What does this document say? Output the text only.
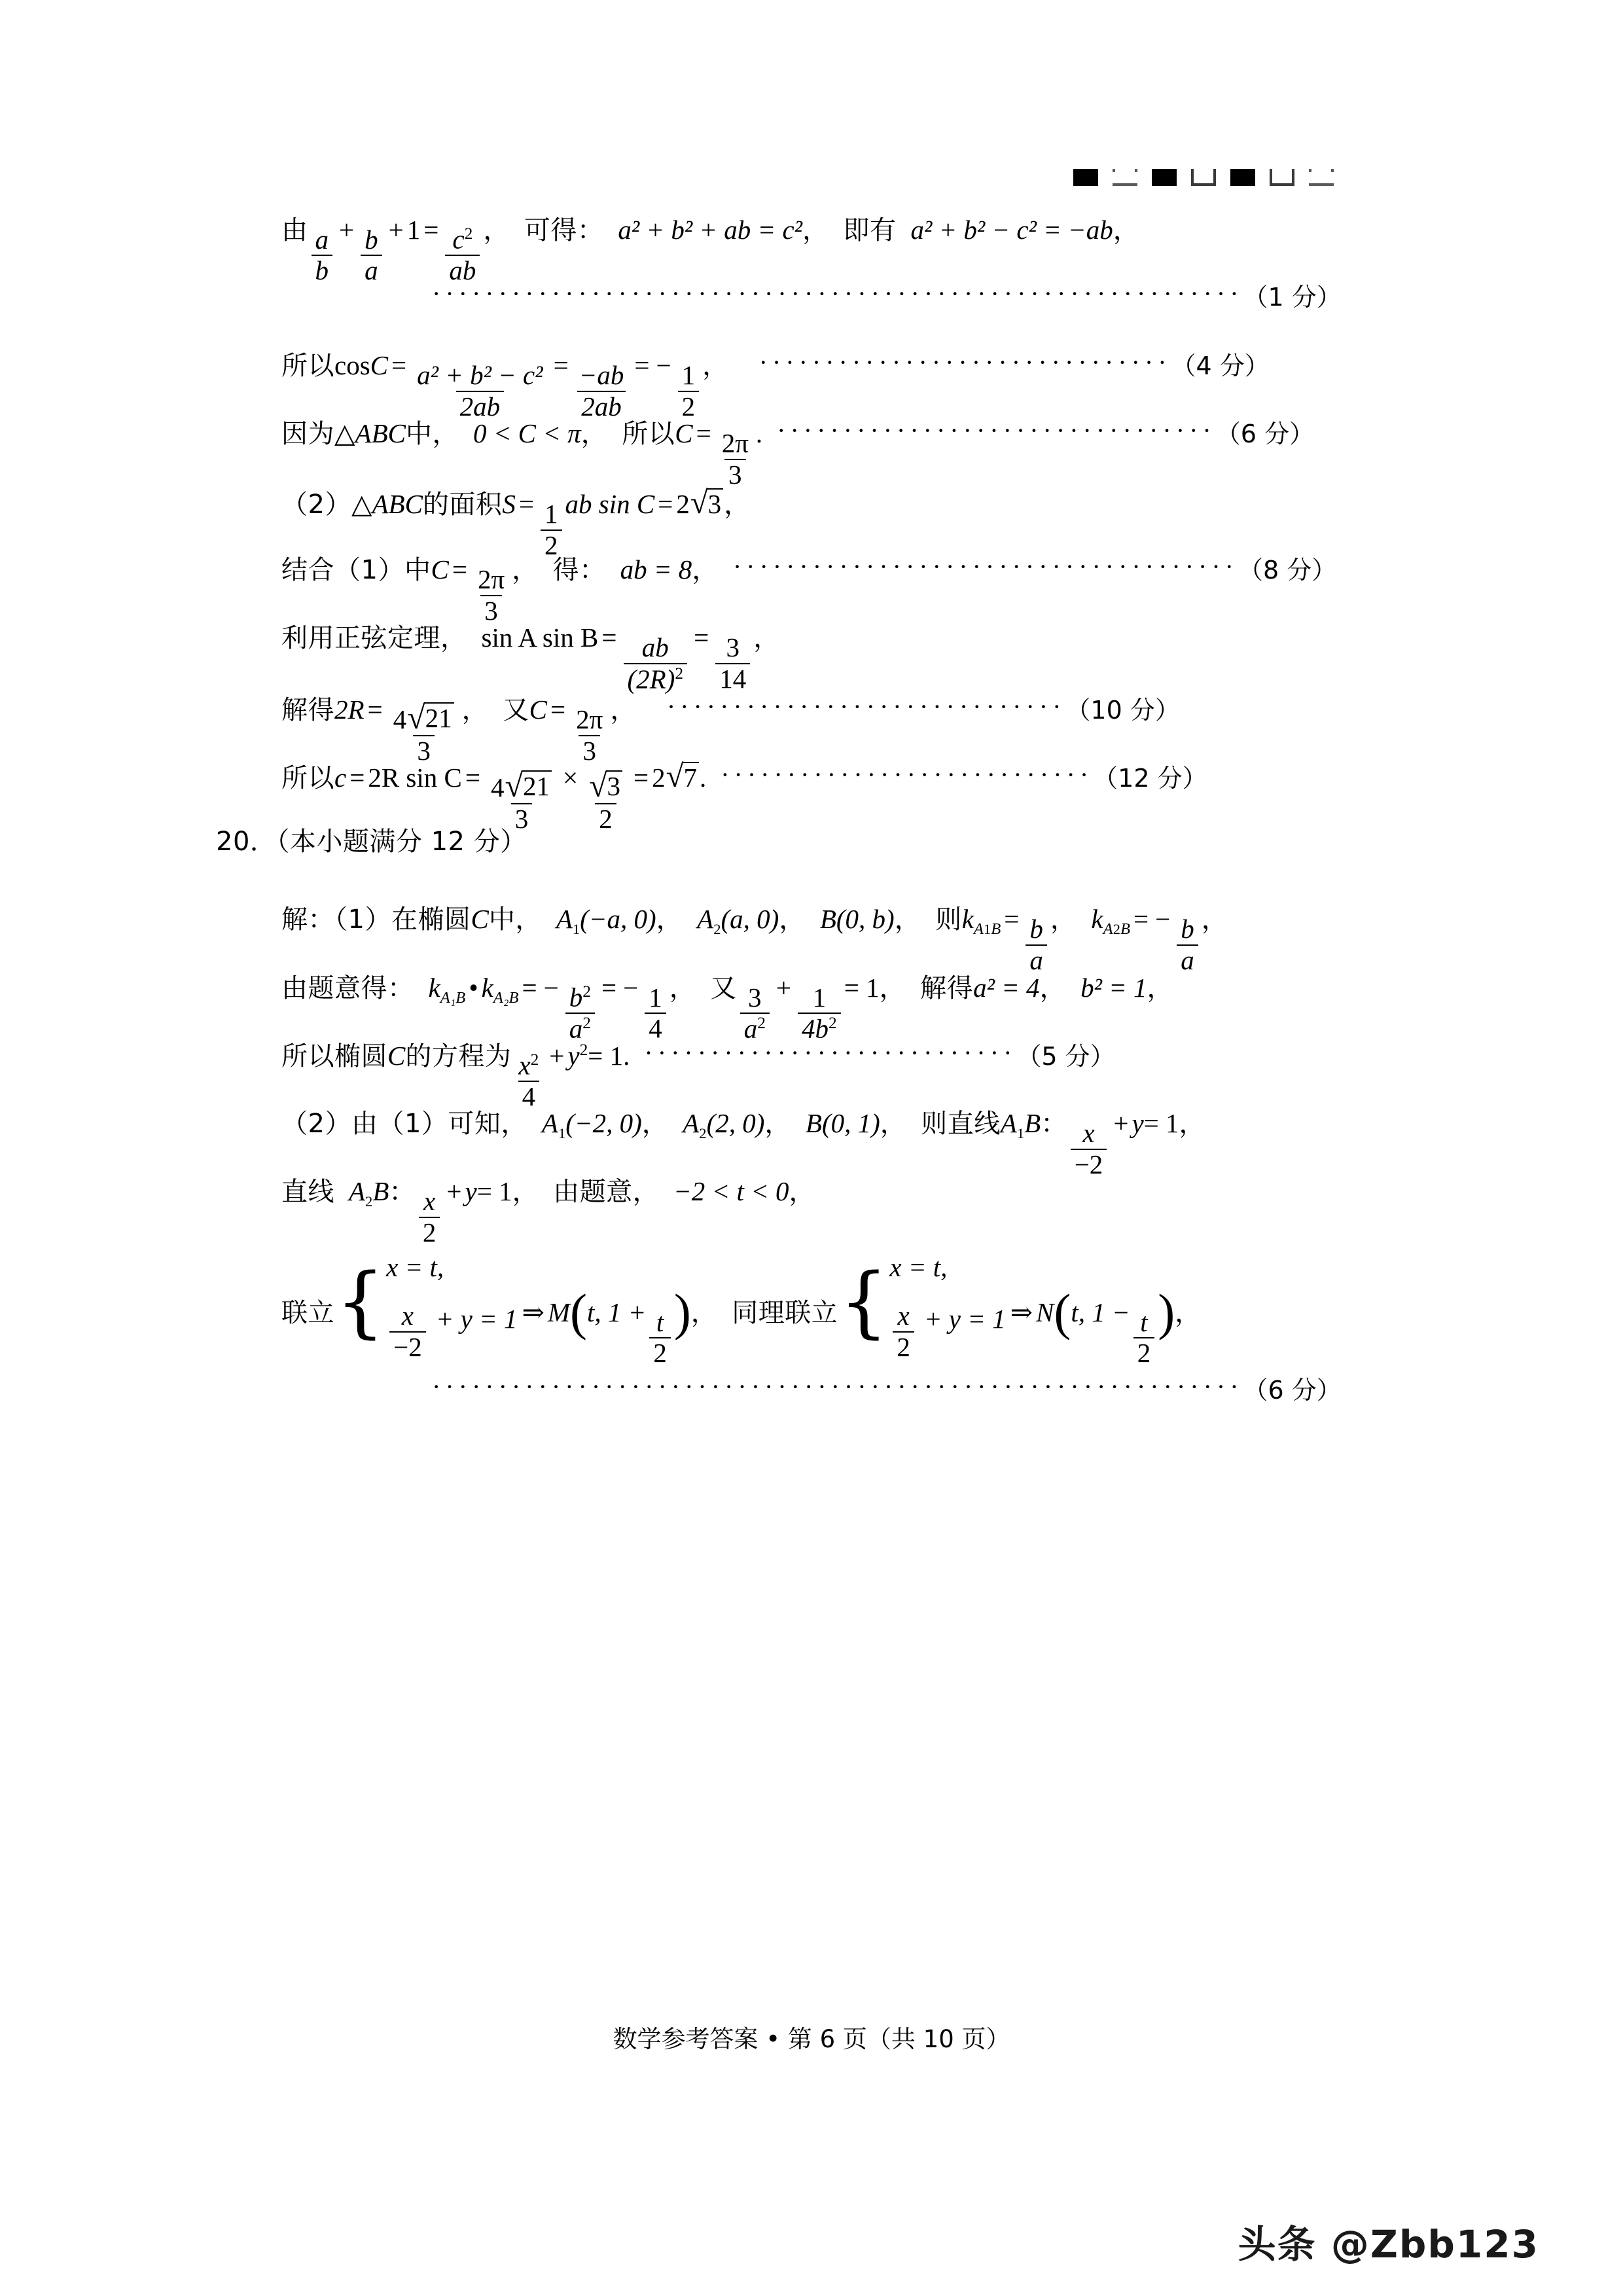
由 $\frac{a}{b} + \frac{b}{a} + 1 = \frac{c^2}{ab}$ ， 可得： a² + b² + ab = c² ， 即有 a² + b² − c² = −ab ，
····························································· （1 分）
所以 $\cos C = \frac{\text{a² + b² − c²}}{2ab} = \frac{-ab}{2ab}$ = − $\frac{1}{2}$ ， ······························· （4 分）
因为 △ABC 中， 0 < C < π ， 所以 $C = \frac{2\pi}{3}$ . ································· （6 分）
（2） △ABC 的面积 $S = \frac{1}{2}$ ab sin C = 2 √ 3 ，
结合（1）中 $C = \frac{2\pi}{3}$ ， 得： ab = 8 ， ······································ （8 分）
利用正弦定理， sin A $\sin B = \frac{ab}{(2R)^2} = \frac{3}{14}$ ，
解得 $2R = \frac{4 √ 21}{3}$ ， 又 $C = \frac{2\pi}{3}$ ， ······························ （10 分）
所以 c = 2R $\sin C = \frac{4 √ 21}{3} \times \frac{√ 3}{2} = 2$ √ 7 . ···························· （12 分）
20．（本小题满分 12 分）
解：（1）在椭圆 C 中， $A_1(-a$, 0) ， $A_2(a$, 0) ， B(0, b) ， 则 $k_{A1B} = \frac{b}{a}$ ， $k_{A2B}$ = − $\frac{b}{a}$ ，
由题意得： $k_{A_1B}$ • $k_{A_2B}$ = − $\frac{b^2}{a^2}$ = − $\frac{1}{4}$ ， 又 $\frac{3}{a^2} + \frac{1}{4b^2} = 1$ ， 解得 a² = 4 ， b² = 1 ，
所以椭圆 C 的方程为 $\frac{x^2}{4} + y^2 = 1$ . ···························· （5 分）
（2）由（1）可知， $A_1(-2$, 0) ， $A_2(2$, 0) ， B(0, 1) ， 则直线 $A_1B$ ： $\frac{x}{-2} + y = 1$ ，
直线 $A_2B$ ： $\frac{x}{2} + y = 1$ ， 由题意， −2 < t < 0 ，
联立 { x = t,
$\frac{x}{-2} + y = 1$ ⇒ M ( t, $1 + \frac{t}{2}$ ) ， 同理联立 { x = t,
$\frac{x}{2} + y = 1$ ⇒ N ( t, $1 - \frac{t}{2}$ ) ，
····························································· （6 分）
数学参考答案 • 第 6 页（共 10 页）
头条 @Zbb123
